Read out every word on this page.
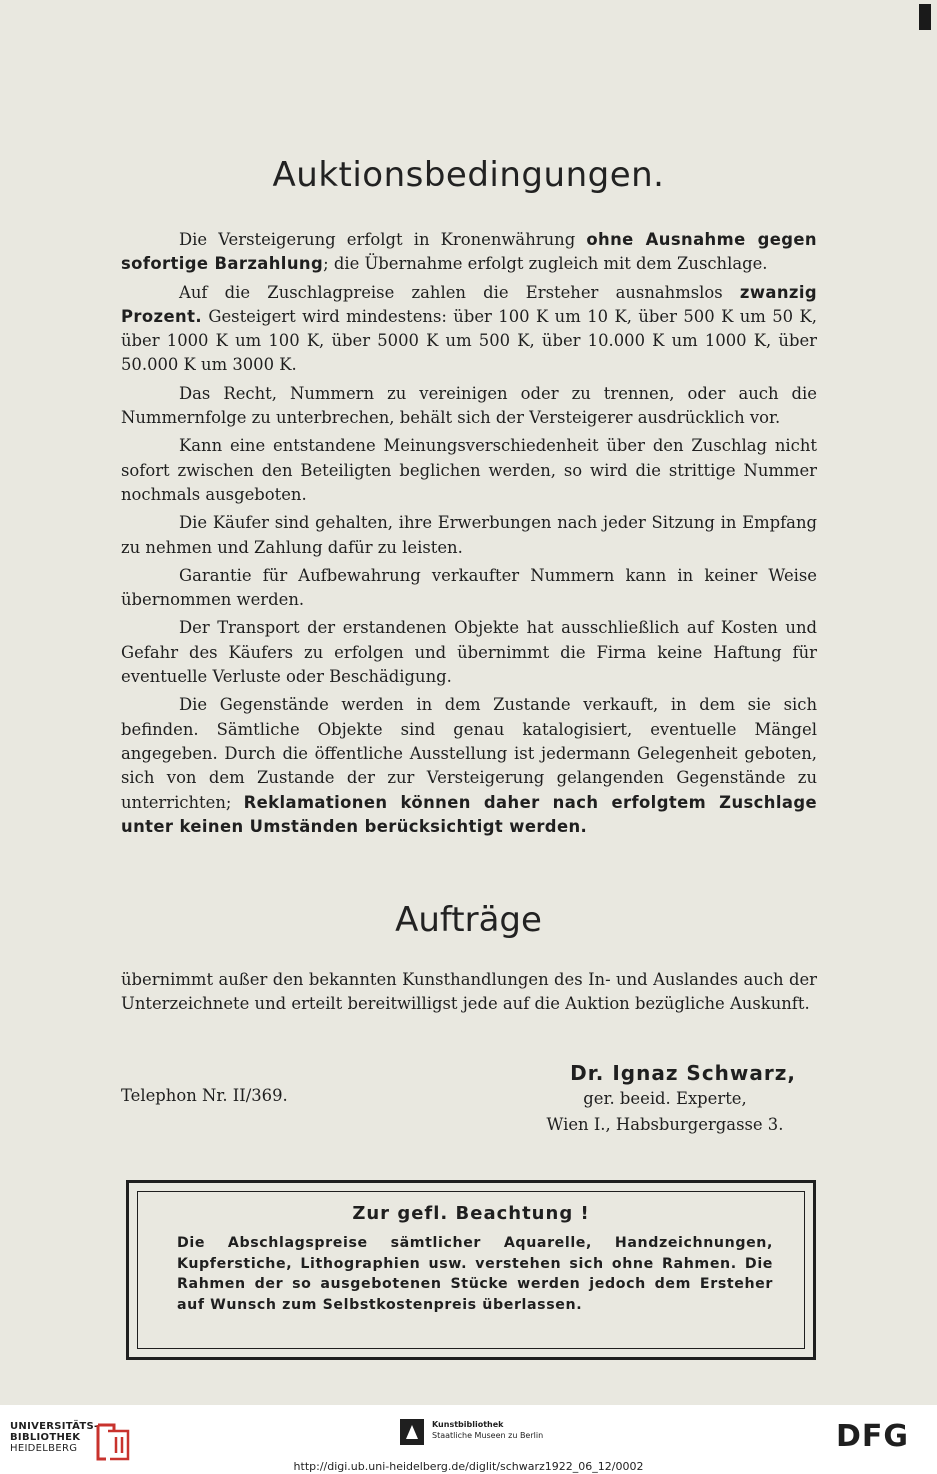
Auktionsbedingungen.

Die Versteigerung erfolgt in Kronenwährung ohne Ausnahme gegen sofortige Barzahlung; die Übernahme erfolgt zugleich mit dem Zuschlage.

Auf die Zuschlagpreise zahlen die Ersteher ausnahmslos zwanzig Prozent. Gesteigert wird mindestens: über 100 K um 10 K, über 500 K um 50 K, über 1000 K um 100 K, über 5000 K um 500 K, über 10.000 K um 1000 K, über 50.000 K um 3000 K.

Das Recht, Nummern zu vereinigen oder zu trennen, oder auch die Nummernfolge zu unterbrechen, behält sich der Versteigerer ausdrücklich vor.

Kann eine entstandene Meinungsverschiedenheit über den Zuschlag nicht sofort zwischen den Beteiligten beglichen werden, so wird die strittige Nummer nochmals ausgeboten.

Die Käufer sind gehalten, ihre Erwerbungen nach jeder Sitzung in Empfang zu nehmen und Zahlung dafür zu leisten.

Garantie für Aufbewahrung verkaufter Nummern kann in keiner Weise übernommen werden.

Der Transport der erstandenen Objekte hat ausschließlich auf Kosten und Gefahr des Käufers zu erfolgen und übernimmt die Firma keine Haftung für eventuelle Verluste oder Beschädigung.

Die Gegenstände werden in dem Zustande verkauft, in dem sie sich befinden. Sämtliche Objekte sind genau katalogisiert, eventuelle Mängel angegeben. Durch die öffentliche Ausstellung ist jedermann Gelegenheit geboten, sich von dem Zustande der zur Versteigerung gelangenden Gegenstände zu unterrichten; Reklamationen können daher nach erfolgtem Zuschlage unter keinen Umständen berücksichtigt werden.

Aufträge

übernimmt außer den bekannten Kunsthandlungen des In- und Auslandes auch der Unterzeichnete und erteilt bereitwilligst jede auf die Auktion bezügliche Auskunft.

Telephon Nr. II/369.
Dr. Ignaz Schwarz,
ger. beeid. Experte,
Wien I., Habsburgergasse 3.
Zur gefl. Beachtung !
Die Abschlagspreise sämtlicher Aquarelle, Handzeichnungen, Kupferstiche, Lithographien usw. verstehen sich ohne Rahmen. Die Rahmen der so ausgebotenen Stücke werden jedoch dem Ersteher auf Wunsch zum Selbstkostenpreis überlassen.
UNIVERSITÄTS-
BIBLIOTHEK
HEIDELBERG
Kunstbibliothek
Staatliche Museen zu Berlin	DFG
http://digi.ub.uni-heidelberg.de/diglit/schwarz1922_06_12/0002
